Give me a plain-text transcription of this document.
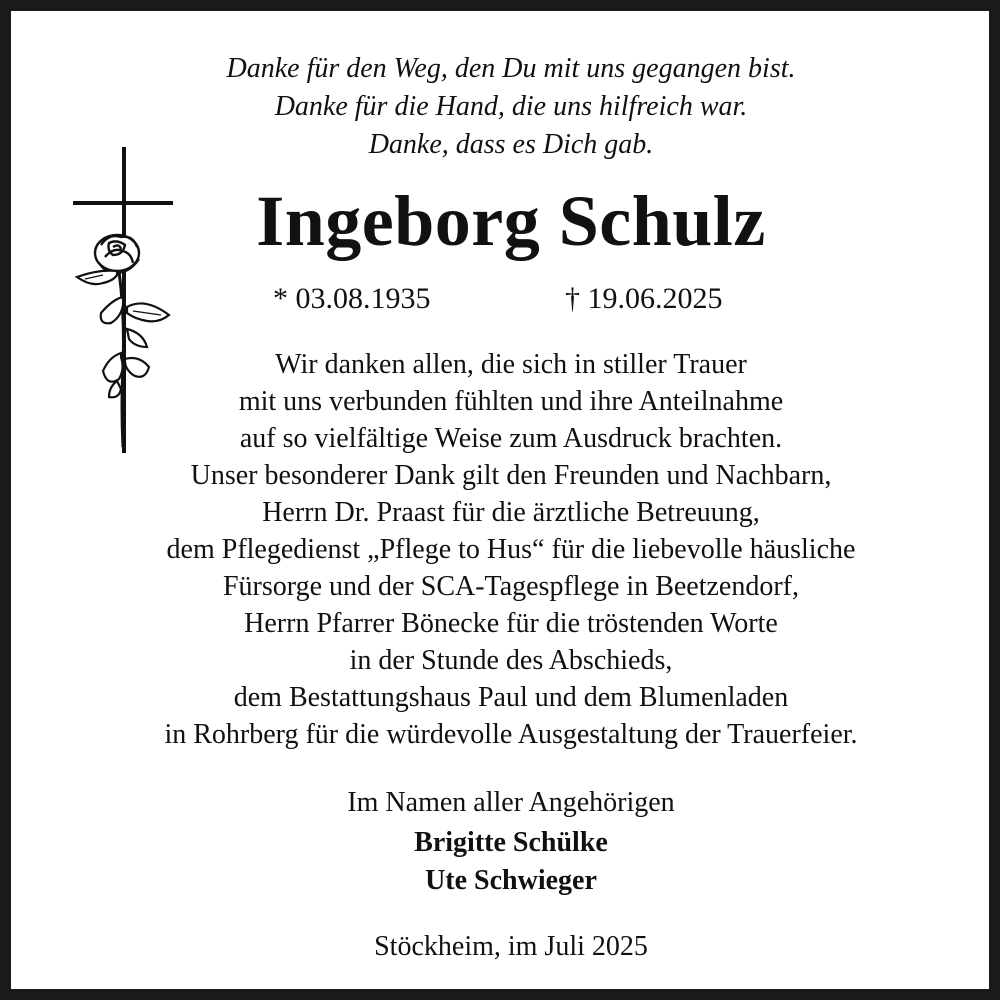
Danke für den Weg, den Du mit uns gegangen bist.
Danke für die Hand, die uns hilfreich war.
Danke, dass es Dich gab.
Ingeborg Schulz
* 03.08.1935	† 19.06.2025
Wir danken allen, die sich in stiller Trauer
mit uns verbunden fühlten und ihre Anteilnahme
auf so vielfältige Weise zum Ausdruck brachten.
Unser besonderer Dank gilt den Freunden und Nachbarn,
Herrn Dr. Praast für die ärztliche Betreuung,
dem Pflegedienst „Pflege to Hus“ für die liebevolle häusliche
Fürsorge und der SCA-Tagespflege in Beetzendorf,
Herrn Pfarrer Bönecke für die tröstenden Worte
in der Stunde des Abschieds,
dem Bestattungshaus Paul und dem Blumenladen
in Rohrberg für die würdevolle Ausgestaltung der Trauerfeier.
Im Namen aller Angehörigen
Brigitte Schülke
Ute Schwieger
Stöckheim, im Juli 2025
